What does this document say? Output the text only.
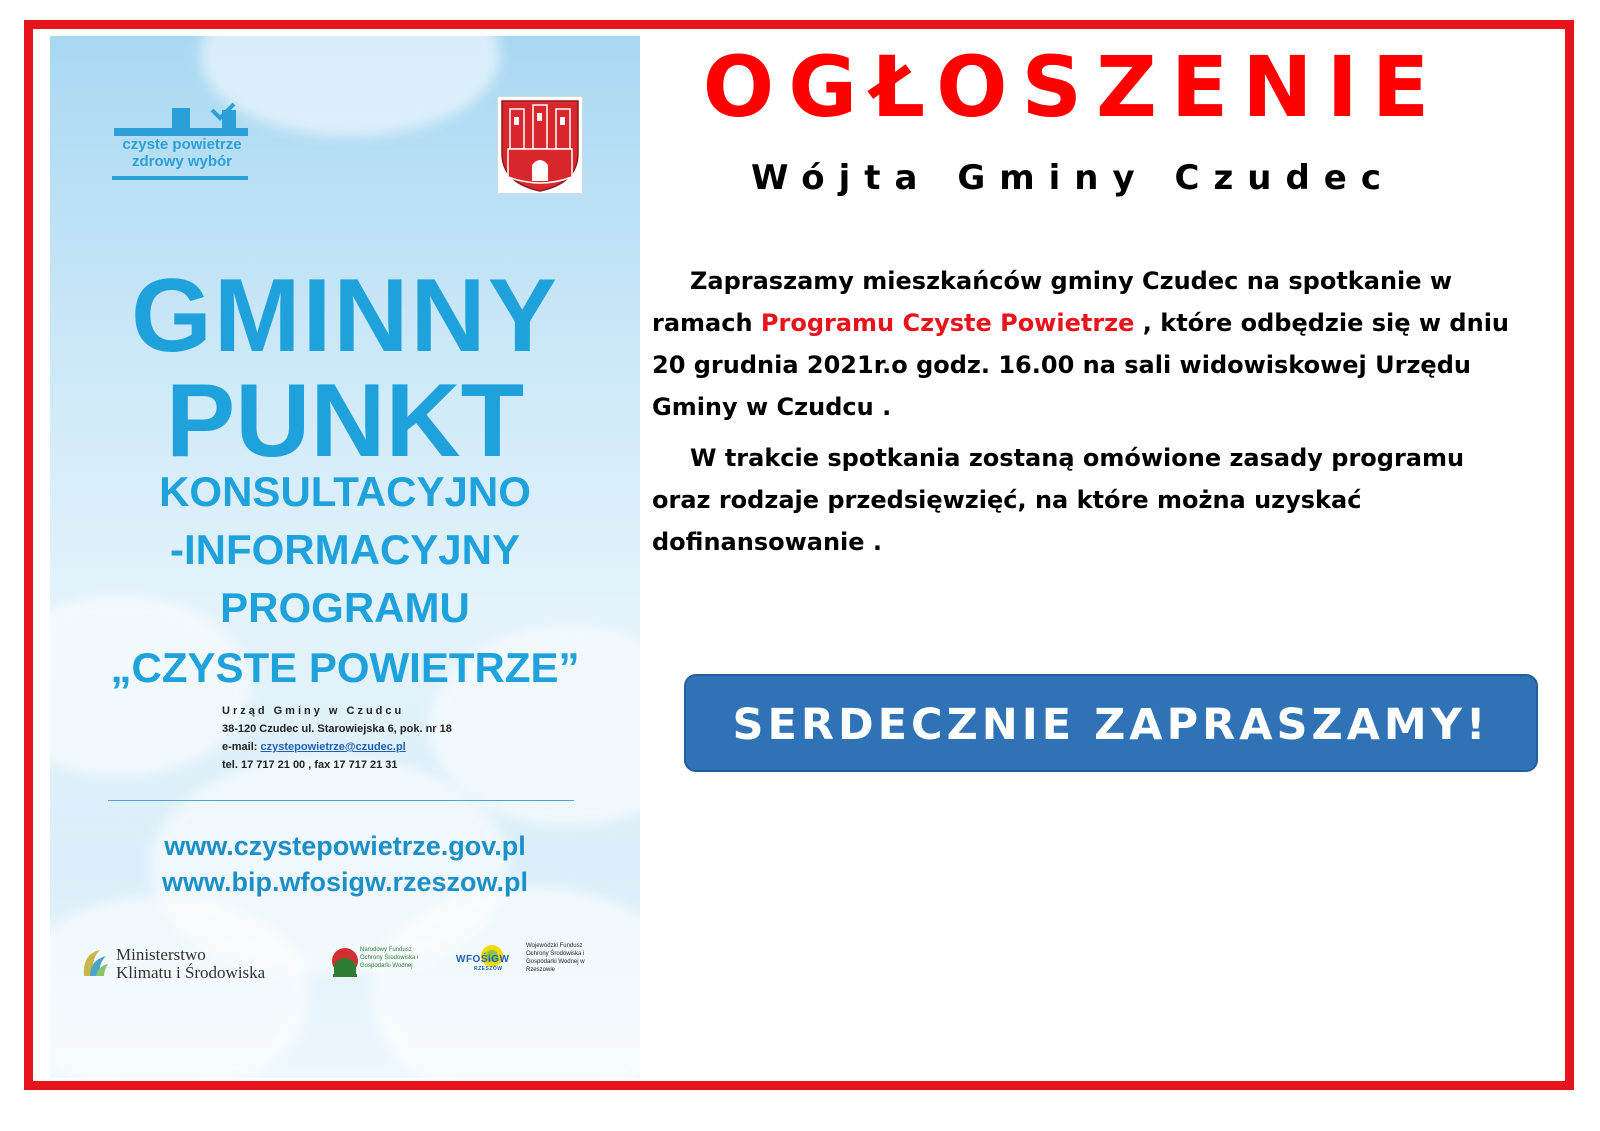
czyste powietrze
zdrowy wybór
GMINNY
PUNKT
KONSULTACYJNO
-INFORMACYJNY
PROGRAMU
„CZYSTE POWIETRZE”
Urząd Gminy w Czudcu
38-120 Czudec ul. Starowiejska 6, pok. nr 18
e-mail: czystepowietrze@czudec.pl
tel. 17 717 21 00 , fax 17 717 21 31
www.czystepowietrze.gov.pl
www.bip.wfosigw.rzeszow.pl
Ministerstwo
Klimatu i Środowiska
Narodowy Fundusz Ochrony Środowiska i Gospodarki Wodnej
WFOŚiGW
RZESZÓW
Wojewódzki Fundusz Ochrony Środowiska i Gospodarki Wodnej w Rzeszowie
OGŁOSZENIE
Wójta Gminy Czudec

Zapraszamy mieszkańców gminy Czudec na spotkanie w ramach Programu Czyste Powietrze , które odbędzie się w dniu 20 grudnia 2021r.o godz. 16.00 na sali widowiskowej Urzędu Gminy w Czudcu .

W trakcie spotkania zostaną omówione zasady programu oraz rodzaje przedsięwzięć, na które można uzyskać dofinansowanie .

SERDECZNIE ZAPRASZAMY!
